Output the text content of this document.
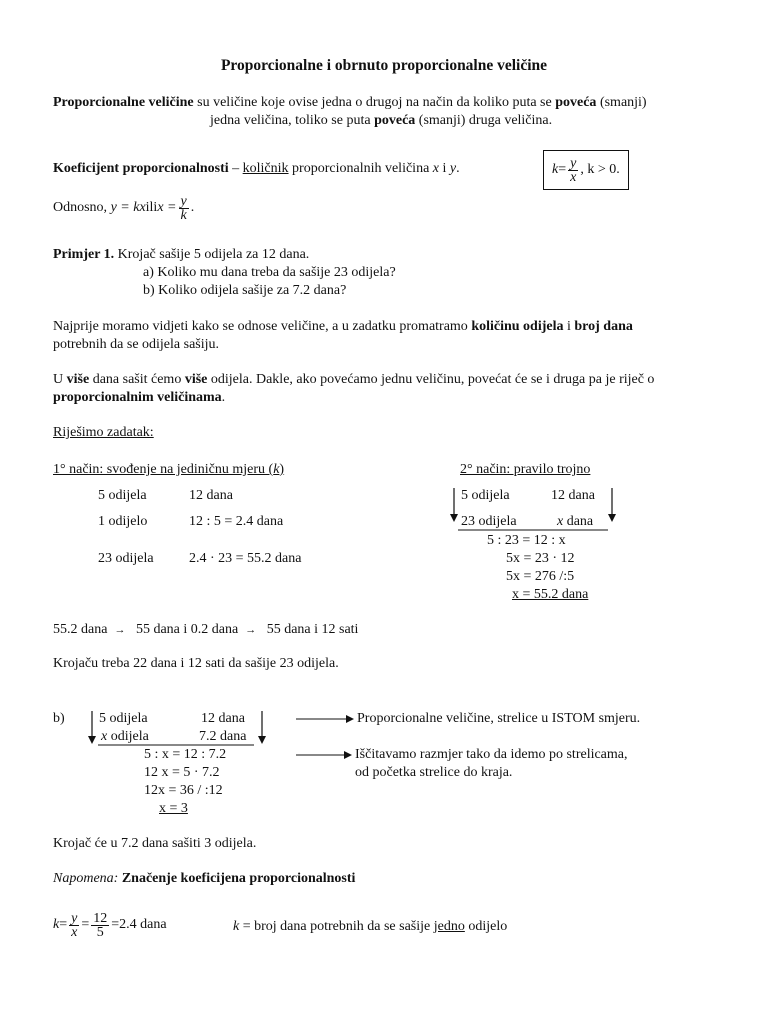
Proporcionalne i obrnuto proporcionalne veličine
Proporcionalne veličine su veličine koje ovise jedna o drugoj na način da koliko puta se poveća (smanji)
jedna veličina, toliko se puta poveća (smanji) druga veličina.
Koeficijent proporcionalnosti – količnik proporcionalnih veličina x i y.	$k = \frac{y}{x}$ , k > 0.
Odnosno,
y = kx ili $x = \frac{y}{k}$ .
Primjer 1. Krojač sašije 5 odijela za 12 dana.
a) Koliko mu dana treba da sašije 23 odijela?
b) Koliko odijela sašije za 7.2 dana?
Najprije moramo vidjeti kako se odnose veličine, a u zadatku promatramo količinu odijela i broj dana
potrebnih da se odijela sašiju.
U više dana sašit ćemo više odijela. Dakle, ako povećamo jednu veličinu, povećat će se i druga pa je riječ o
proporcionalnim veličinama.
Riješimo zadatak:
1° način: svođenje na jediničnu mjeru (k)
5 odijela	12 dana
1 odijelo	12 : 5 = 2.4 dana
23 odijela	2.4 · 23 = 55.2 dana
2° način: pravilo trojno
5 odijela	12 dana
23 odijela	x dana
5 : 23 = 12 : x
5x = 23 · 12
5x = 276 /:5
x = 55.2 dana
55.2 dana → 55 dana i 0.2 dana → 55 dana i 12 sati
Krojaču treba 22 dana i 12 sati da sašije 23 odijela.
b) 5 odijela	12 dana
x odijela	7.2 dana
5 : x = 12 : 7.2
12 x = 5 · 7.2
12x = 36 / :12
x = 3
Proporcionalne veličine, strelice u ISTOM smjeru.
Iščitavamo razmjer tako da idemo po strelicama,
od početka strelice do kraja.
Krojač će u 7.2 dana sašiti 3 odijela.
Napomena: Značenje koeficijena proporcionalnosti
$k = \frac{y}{x} = \frac{12}{5} = 2.4$ dana	k = broj dana potrebnih da se sašije jedno odijelo
